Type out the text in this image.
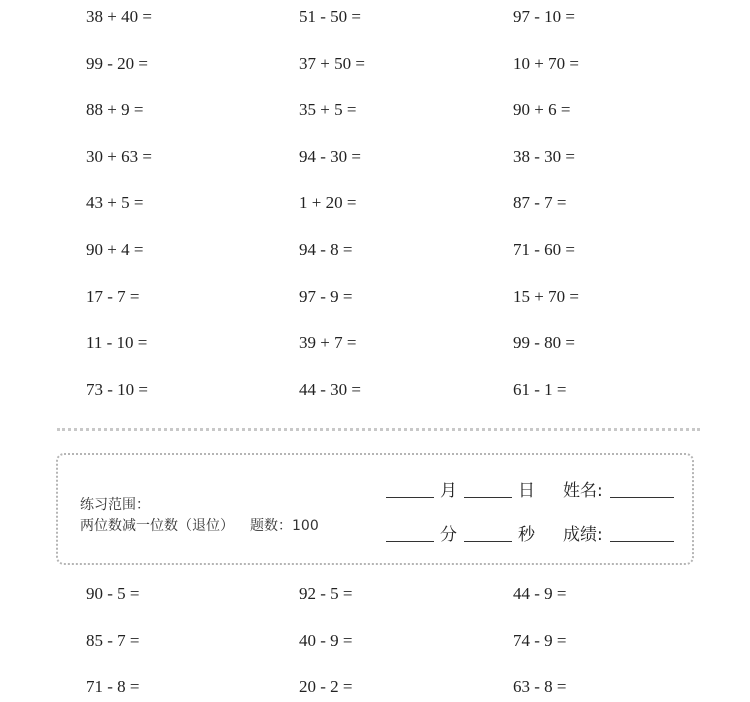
38 + 40 =	51 - 50 =	97 - 10 =
99 - 20 =	37 + 50 =	10 + 70 =
88 + 9 =	35 + 5 =	90 + 6 =
30 + 63 =	94 - 30 =	38 - 30 =
43 + 5 =	1 + 20 =	87 - 7 =
90 + 4 =	94 - 8 =	71 - 60 =
17 - 7 =	97 - 9 =	15 + 70 =
11 - 10 =	39 + 7 =	99 - 80 =
73 - 10 =	44 - 30 =	61 - 1 =
练习范围：
两位数减一位数（退位） 题数：100
月	日 姓名:
分	秒 成绩:
90 - 5 =	92 - 5 =	44 - 9 =
85 - 7 =	40 - 9 =	74 - 9 =
71 - 8 =	20 - 2 =	63 - 8 =
